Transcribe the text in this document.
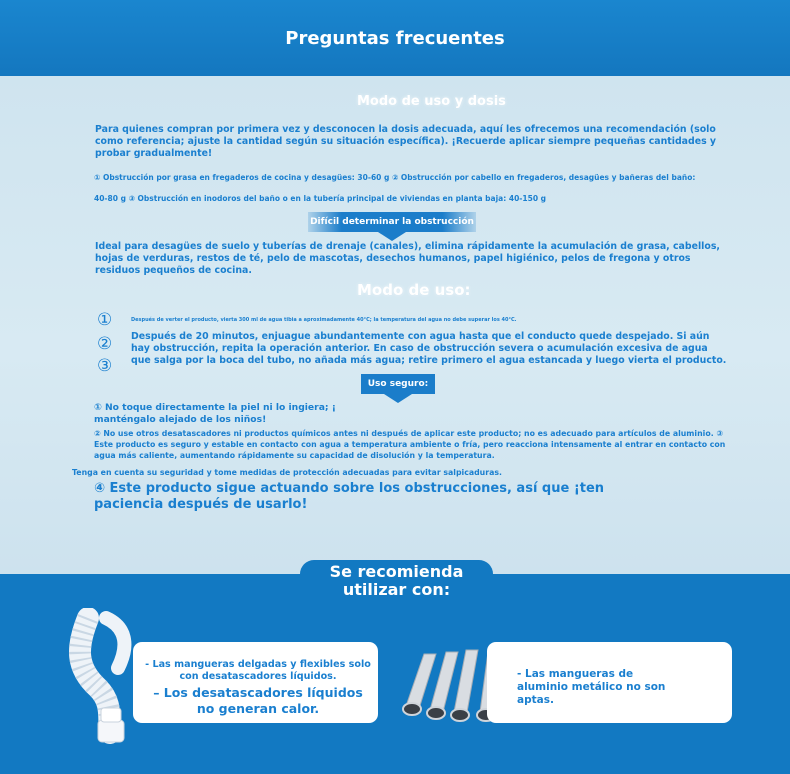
Preguntas frecuentes
Modo de uso y dosis

Para quienes compran por primera vez y desconocen la dosis adecuada, aquí les ofrecemos una recomendación (solo como referencia; ajuste la cantidad según su situación específica). ¡Recuerde aplicar siempre pequeñas cantidades y probar gradualmente!

① Obstrucción por grasa en fregaderos de cocina y desagües: 30-60 g ② Obstrucción por cabello en fregaderos, desagües y bañeras del baño:

40-80 g ③ Obstrucción en inodoros del baño o en la tubería principal de viviendas en planta baja: 40-150 g

Difícil determinar la obstrucción

Ideal para desagües de suelo y tuberías de drenaje (canales), elimina rápidamente la acumulación de grasa, cabellos, hojas de verduras, restos de té, pelo de mascotas, desechos humanos, papel higiénico, pelos de fregona y otros residuos pequeños de cocina.

Modo de uso:
①
②
③

Después de verter el producto, vierta 300 ml de agua tibia a aproximadamente 40°C; la temperatura del agua no debe superar los 40°C.

Después de 20 minutos, enjuague abundantemente con agua hasta que el conducto quede despejado. Si aún hay obstrucción, repita la operación anterior. En caso de obstrucción severa o acumulación excesiva de agua que salga por la boca del tubo, no añada más agua; retire primero el agua estancada y luego vierta el producto.

Uso seguro:

① No toque directamente la piel ni lo ingiera; ¡

manténgalo alejado de los niños!

② No use otros desatascadores ni productos químicos antes ni después de aplicar este producto; no es adecuado para artículos de aluminio. ③ Este producto es seguro y estable en contacto con agua a temperatura ambiente o fría, pero reacciona intensamente al entrar en contacto con agua más caliente, aumentando rápidamente su capacidad de disolución y la temperatura.

Tenga en cuenta su seguridad y tome medidas de protección adecuadas para evitar salpicaduras.

④ Este producto sigue actuando sobre los obstrucciones, así que ¡ten paciencia después de usarlo!

Se recomienda
utilizar con:

- Las mangueras delgadas y flexibles solo con desatascadores líquidos.

– Los desatascadores líquidos no generan calor.

- Las mangueras de aluminio metálico no son aptas.
